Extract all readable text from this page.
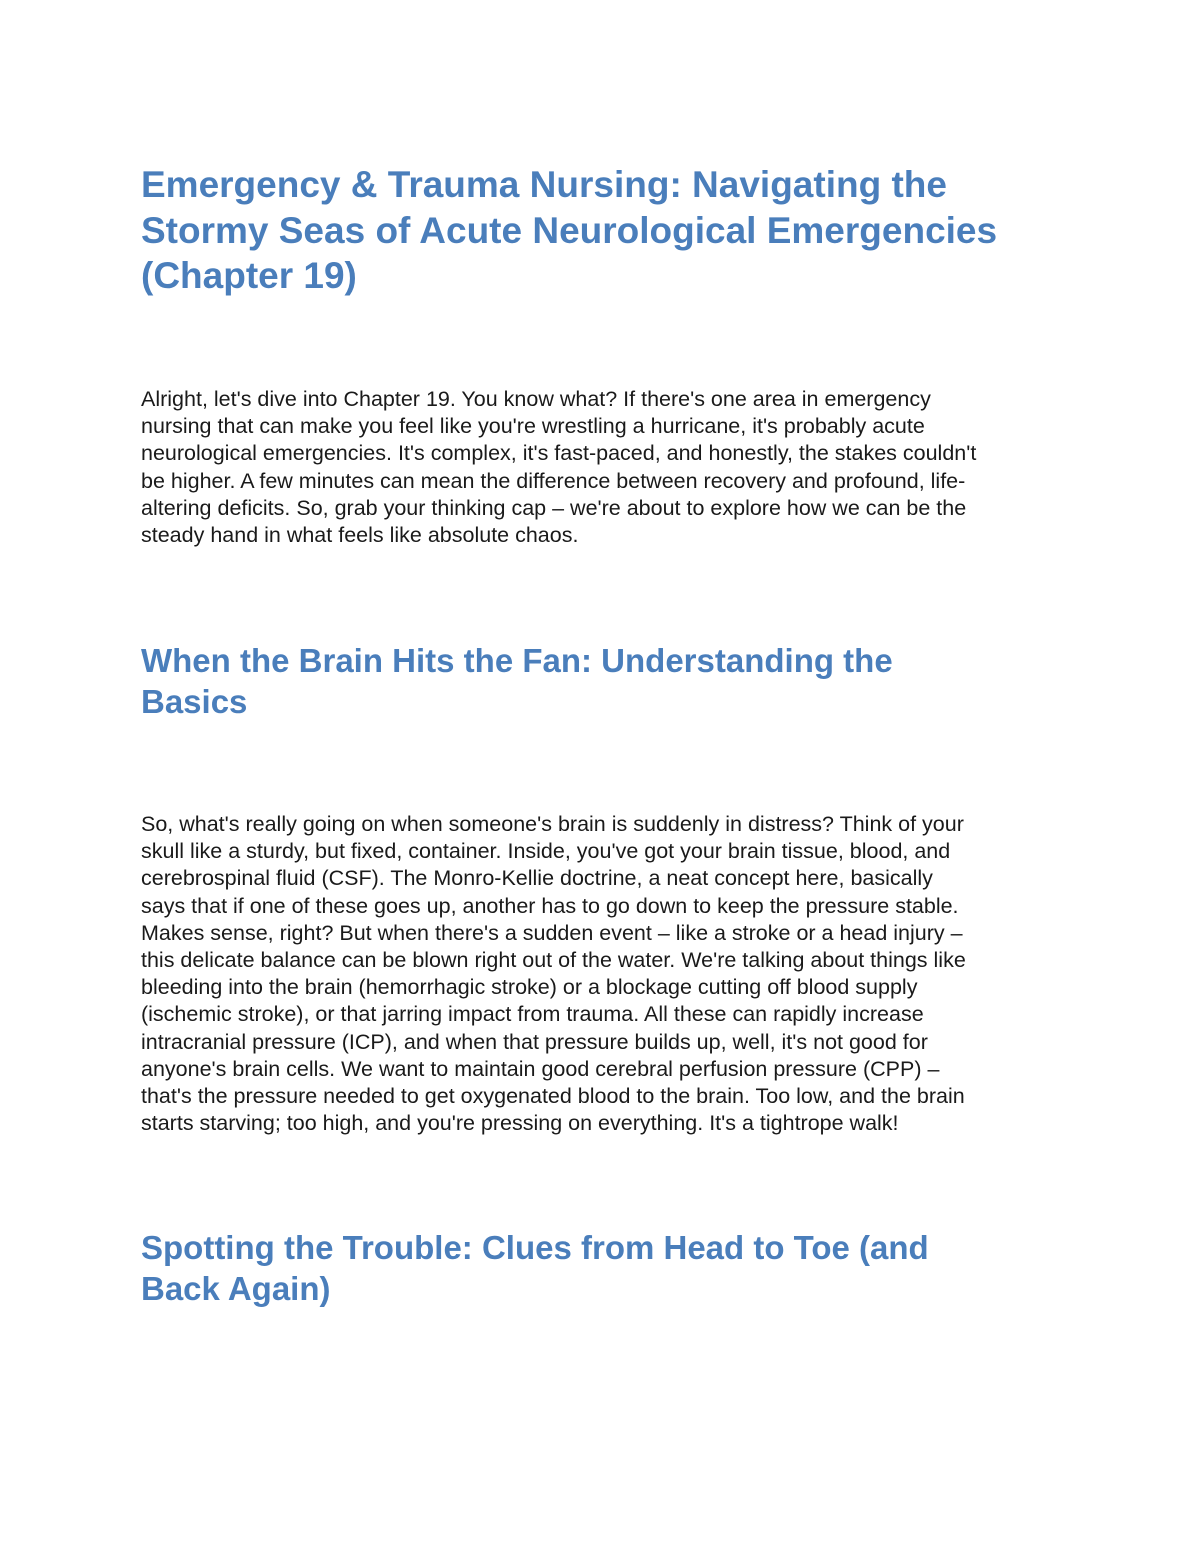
Emergency & Trauma Nursing: Navigating the
Stormy Seas of Acute Neurological Emergencies
(Chapter 19)

Alright, let's dive into Chapter 19. You know what? If there's one area in emergency
nursing that can make you feel like you're wrestling a hurricane, it's probably acute
neurological emergencies. It's complex, it's fast-paced, and honestly, the stakes couldn't
be higher. A few minutes can mean the difference between recovery and profound, life-
altering deficits. So, grab your thinking cap – we're about to explore how we can be the
steady hand in what feels like absolute chaos.

When the Brain Hits the Fan: Understanding the
Basics

So, what's really going on when someone's brain is suddenly in distress? Think of your
skull like a sturdy, but fixed, container. Inside, you've got your brain tissue, blood, and
cerebrospinal fluid (CSF). The Monro-Kellie doctrine, a neat concept here, basically
says that if one of these goes up, another has to go down to keep the pressure stable.
Makes sense, right? But when there's a sudden event – like a stroke or a head injury –
this delicate balance can be blown right out of the water. We're talking about things like
bleeding into the brain (hemorrhagic stroke) or a blockage cutting off blood supply
(ischemic stroke), or that jarring impact from trauma. All these can rapidly increase
intracranial pressure (ICP), and when that pressure builds up, well, it's not good for
anyone's brain cells. We want to maintain good cerebral perfusion pressure (CPP) –
that's the pressure needed to get oxygenated blood to the brain. Too low, and the brain
starts starving; too high, and you're pressing on everything. It's a tightrope walk!

Spotting the Trouble: Clues from Head to Toe (and
Back Again)
